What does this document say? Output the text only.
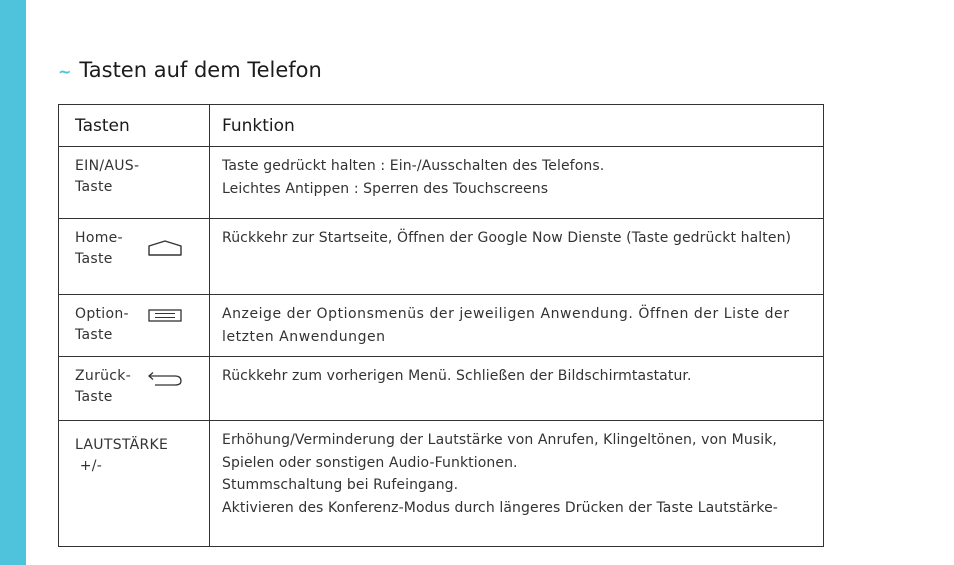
~ Tasten auf dem Telefon
Tasten	Funktion

EIN/AUS-
Taste	Taste gedrückt halten : Ein-/Ausschalten des Telefons.
Leichtes Antippen : Sperren des Touchscreens

Home-
Taste	Rückkehr zur Startseite, Öffnen der Google Now Dienste (Taste gedrückt halten)

Option-
Taste	Anzeige der Optionsmenüs der jeweiligen Anwendung. Öffnen der Liste der letzten Anwendungen

Zurück-
Taste	Rückkehr zum vorherigen Menü. Schließen der Bildschirmtastatur.

LAUTSTÄRKE
+/-	Erhöhung/Verminderung der Lautstärke von Anrufen, Klingeltönen, von Musik,
Spielen oder sonstigen Audio-Funktionen.
Stummschaltung bei Rufeingang.
Aktivieren des Konferenz-Modus durch längeres Drücken der Taste Lautstärke-
